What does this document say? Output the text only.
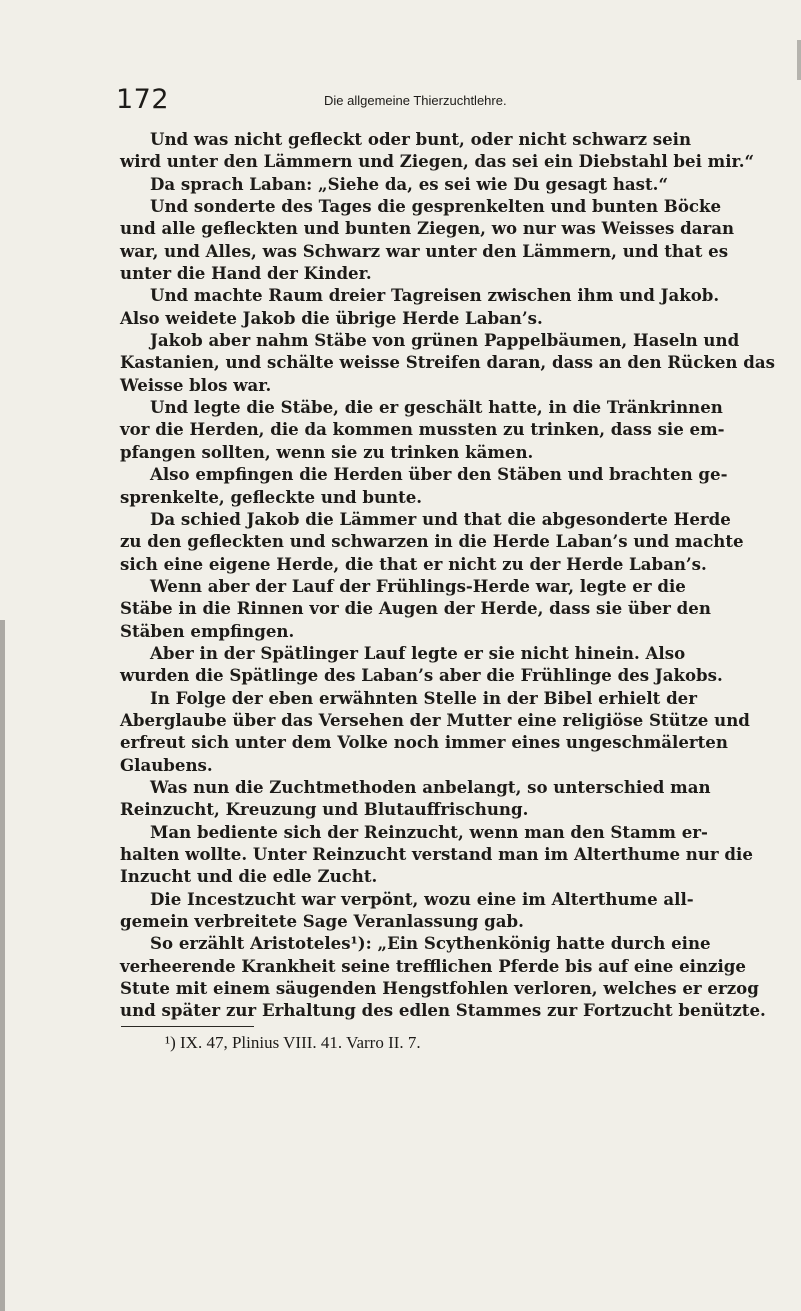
172	Die allgemeine Thierzuchtlehre.

Und was nicht gefleckt oder bunt, oder nicht schwarz sein

wird unter den Lämmern und Ziegen, das sei ein Diebstahl bei mir.“

Da sprach Laban: „Siehe da, es sei wie Du gesagt hast.“

Und sonderte des Tages die gesprenkelten und bunten Böcke

und alle gefleckten und bunten Ziegen, wo nur was Weisses daran

war, und Alles, was Schwarz war unter den Lämmern, und that es

unter die Hand der Kinder.

Und machte Raum dreier Tagreisen zwischen ihm und Jakob.

Also weidete Jakob die übrige Herde Laban’s.

Jakob aber nahm Stäbe von grünen Pappelbäumen, Haseln und

Kastanien, und schälte weisse Streifen daran, dass an den Rücken das

Weisse blos war.

Und legte die Stäbe, die er geschält hatte, in die Tränkrinnen

vor die Herden, die da kommen mussten zu trinken, dass sie em-

pfangen sollten, wenn sie zu trinken kämen.

Also empfingen die Herden über den Stäben und brachten ge-

sprenkelte, gefleckte und bunte.

Da schied Jakob die Lämmer und that die abgesonderte Herde

zu den gefleckten und schwarzen in die Herde Laban’s und machte

sich eine eigene Herde, die that er nicht zu der Herde Laban’s.

Wenn aber der Lauf der Frühlings-Herde war, legte er die

Stäbe in die Rinnen vor die Augen der Herde, dass sie über den

Stäben empfingen.

Aber in der Spätlinger Lauf legte er sie nicht hinein. Also

wurden die Spätlinge des Laban’s aber die Frühlinge des Jakobs.

In Folge der eben erwähnten Stelle in der Bibel erhielt der

Aberglaube über das Versehen der Mutter eine religiöse Stütze und

erfreut sich unter dem Volke noch immer eines ungeschmälerten

Glaubens.

Was nun die Zuchtmethoden anbelangt, so unterschied man

Reinzucht, Kreuzung und Blutauffrischung.

Man bediente sich der Reinzucht, wenn man den Stamm er-

halten wollte. Unter Reinzucht verstand man im Alterthume nur die

Inzucht und die edle Zucht.

Die Incestzucht war verpönt, wozu eine im Alterthume all-

gemein verbreitete Sage Veranlassung gab.

So erzählt Aristoteles¹): „Ein Scythenkönig hatte durch eine

verheerende Krankheit seine trefflichen Pferde bis auf eine einzige

Stute mit einem säugenden Hengstfohlen verloren, welches er erzog

und später zur Erhaltung des edlen Stammes zur Fortzucht benützte.

¹) IX. 47, Plinius VIII. 41. Varro II. 7.
